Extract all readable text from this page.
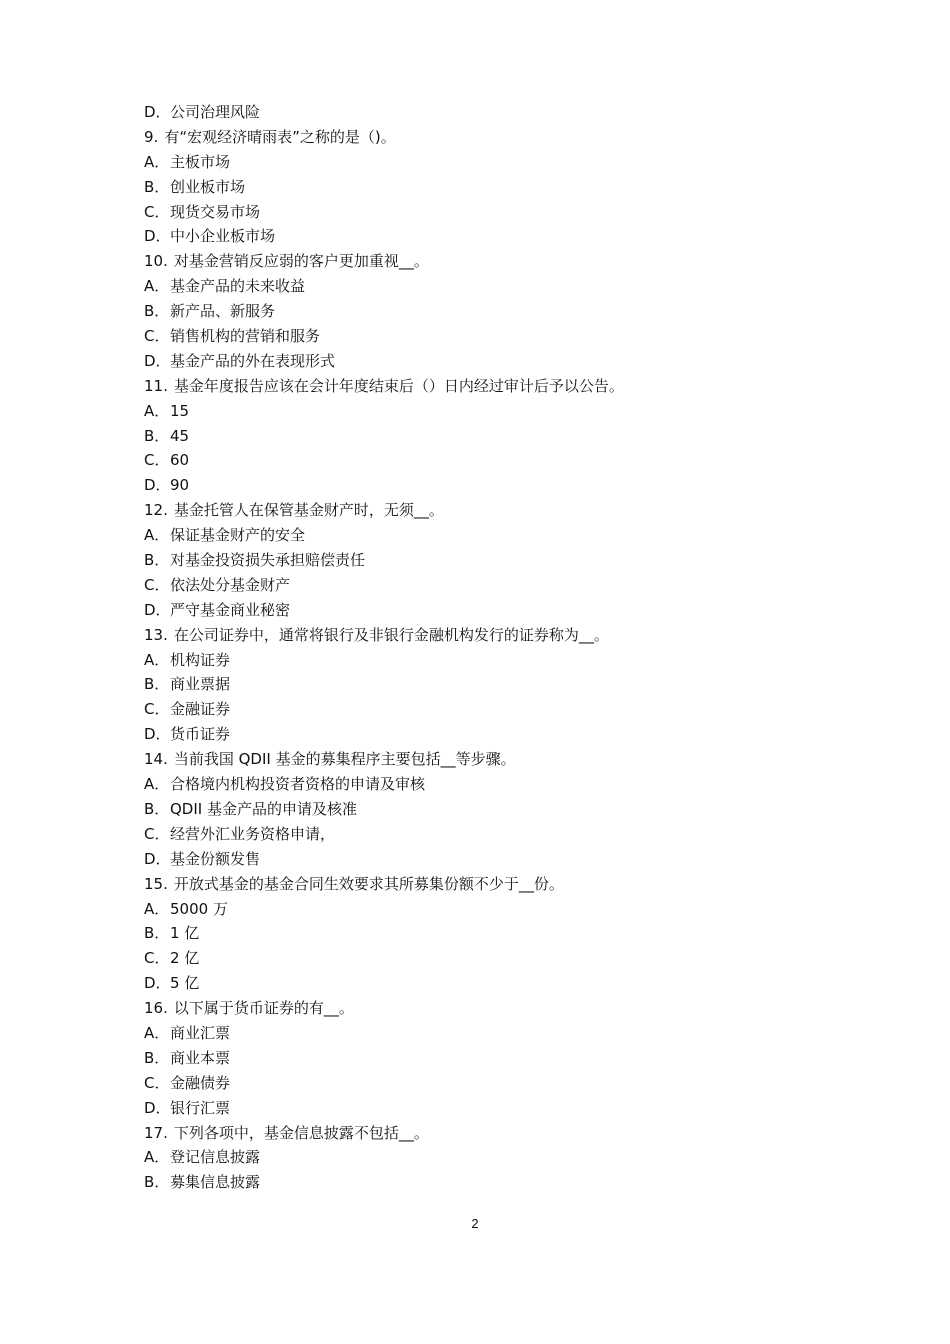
D．公司治理风险
9. 有“宏观经济晴雨表”之称的是（)。
A．主板市场
B．创业板市场
C．现货交易市场
D．中小企业板市场
10. 对基金营销反应弱的客户更加重视__。
A．基金产品的未来收益
B．新产品、新服务
C．销售机构的营销和服务
D．基金产品的外在表现形式
11. 基金年度报告应该在会计年度结束后（）日内经过审计后予以公告。
A．15
B．45
C．60
D．90
12. 基金托管人在保管基金财产时，无须__。
A．保证基金财产的安全
B．对基金投资损失承担赔偿责任
C．依法处分基金财产
D．严守基金商业秘密
13. 在公司证券中，通常将银行及非银行金融机构发行的证券称为__。
A．机构证券
B．商业票据
C．金融证券
D．货币证券
14. 当前我国 QDII 基金的募集程序主要包括__等步骤。
A．合格境内机构投资者资格的申请及审核
B．QDII 基金产品的申请及核准
C．经营外汇业务资格申请，
D．基金份额发售
15. 开放式基金的基金合同生效要求其所募集份额不少于__份。
A．5000 万
B．1 亿
C．2 亿
D．5 亿
16. 以下属于货币证券的有__。
A．商业汇票
B．商业本票
C．金融债券
D．银行汇票
17. 下列各项中，基金信息披露不包括__。
A．登记信息披露
B．募集信息披露
2
